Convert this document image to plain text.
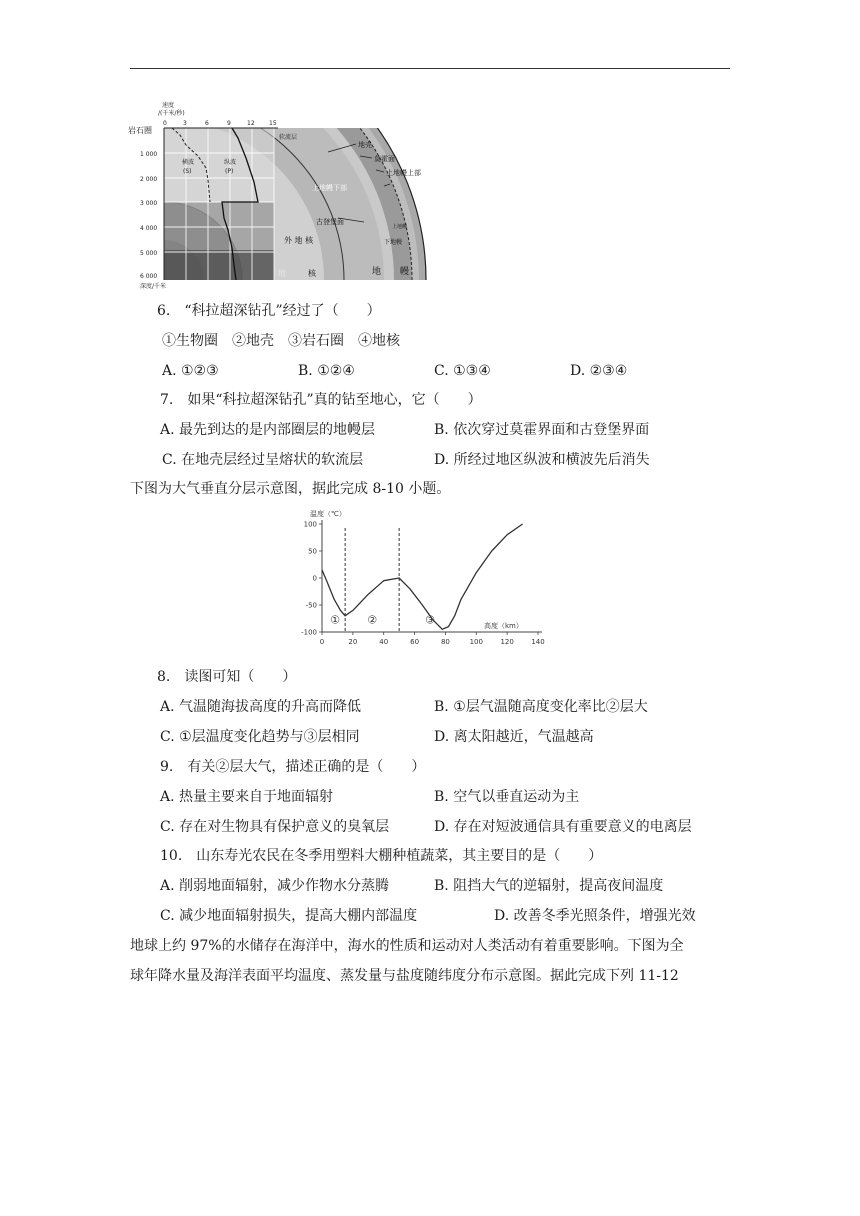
速度
/(千米/秒)
0	3	6	9	12 15
岩石圈
1 000
2 000
3 000
4 000
5 000
6 000
深度/千米
横波
(S)
纵波
(P)
软流层
地壳
莫霍面
上地幔上部
上地幔下部
古登堡面
上地幔
下地幔
外 地 核
地	核	地 幔
6.　“科拉超深钻孔”经过了（　　）
①生物圈　②地壳　③岩石圈　④地核
A. ①②③	B. ①②④	C. ①③④	D. ②③④
7.　如果“科拉超深钻孔”真的钻至地心，它（　　）
A. 最先到达的是内部圈层的地幔层	B. 依次穿过莫霍界面和古登堡界面
C. 在地壳层经过呈熔状的软流层	D. 所经过地区纵波和横波先后消失
下图为大气垂直分层示意图，据此完成 8-10 小题。
温度（℃）
高度（km）
100
50
0
-50
-100
0	20	40	60	80	100 120 140
① ②	③
8.　读图可知（　　）
A. 气温随海拔高度的升高而降低	B. ①层气温随高度变化率比②层大
C. ①层温度变化趋势与③层相同	D. 离太阳越近，气温越高
9.　有关②层大气，描述正确的是（　　）
A. 热量主要来自于地面辐射	B. 空气以垂直运动为主
C. 存在对生物具有保护意义的臭氧层	D. 存在对短波通信具有重要意义的电离层
10.　山东寿光农民在冬季用塑料大棚种植蔬菜，其主要目的是（　　）
A. 削弱地面辐射，减少作物水分蒸腾	B. 阻挡大气的逆辐射，提高夜间温度
C. 减少地面辐射损失，提高大棚内部温度	D. 改善冬季光照条件，增强光效
地球上约 97%的水储存在海洋中，海水的性质和运动对人类活动有着重要影响。下图为全
球年降水量及海洋表面平均温度、蒸发量与盐度随纬度分布示意图。据此完成下列 11-12
